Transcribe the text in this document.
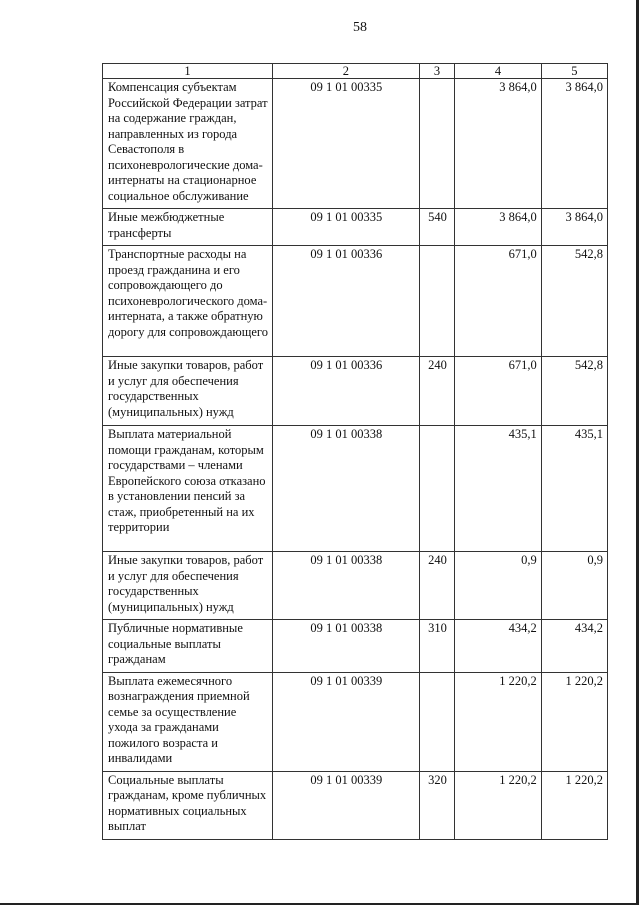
58
1	2	3	4	5
Компенсация субъектам Российской Федерации затрат на содержание граждан, направленных из города Севастополя в психоневрологические дома-интернаты на стационарное социальное обслуживание	09 1 01 00335		3 864,0	3 864,0
Иные межбюджетные трансферты	09 1 01 00335	540	3 864,0	3 864,0
Транспортные расходы на проезд гражданина и его сопровождающего до психоневрологического дома-интерната, а также обратную дорогу для сопровождающего	09 1 01 00336		671,0	542,8
Иные закупки товаров, работ и услуг для обеспечения государственных (муниципальных) нужд	09 1 01 00336	240	671,0	542,8
Выплата материальной помощи гражданам, которым государствами – членами Европейского союза отказано в установлении пенсий за стаж, приобретенный на их территории	09 1 01 00338		435,1	435,1
Иные закупки товаров, работ и услуг для обеспечения государственных (муниципальных) нужд	09 1 01 00338	240	0,9	0,9
Публичные нормативные социальные выплаты гражданам	09 1 01 00338	310	434,2	434,2
Выплата ежемесячного вознаграждения приемной семье за осуществление ухода за гражданами пожилого возраста и инвалидами	09 1 01 00339		1 220,2	1 220,2
Социальные выплаты гражданам, кроме публичных нормативных социальных выплат	09 1 01 00339	320	1 220,2	1 220,2
